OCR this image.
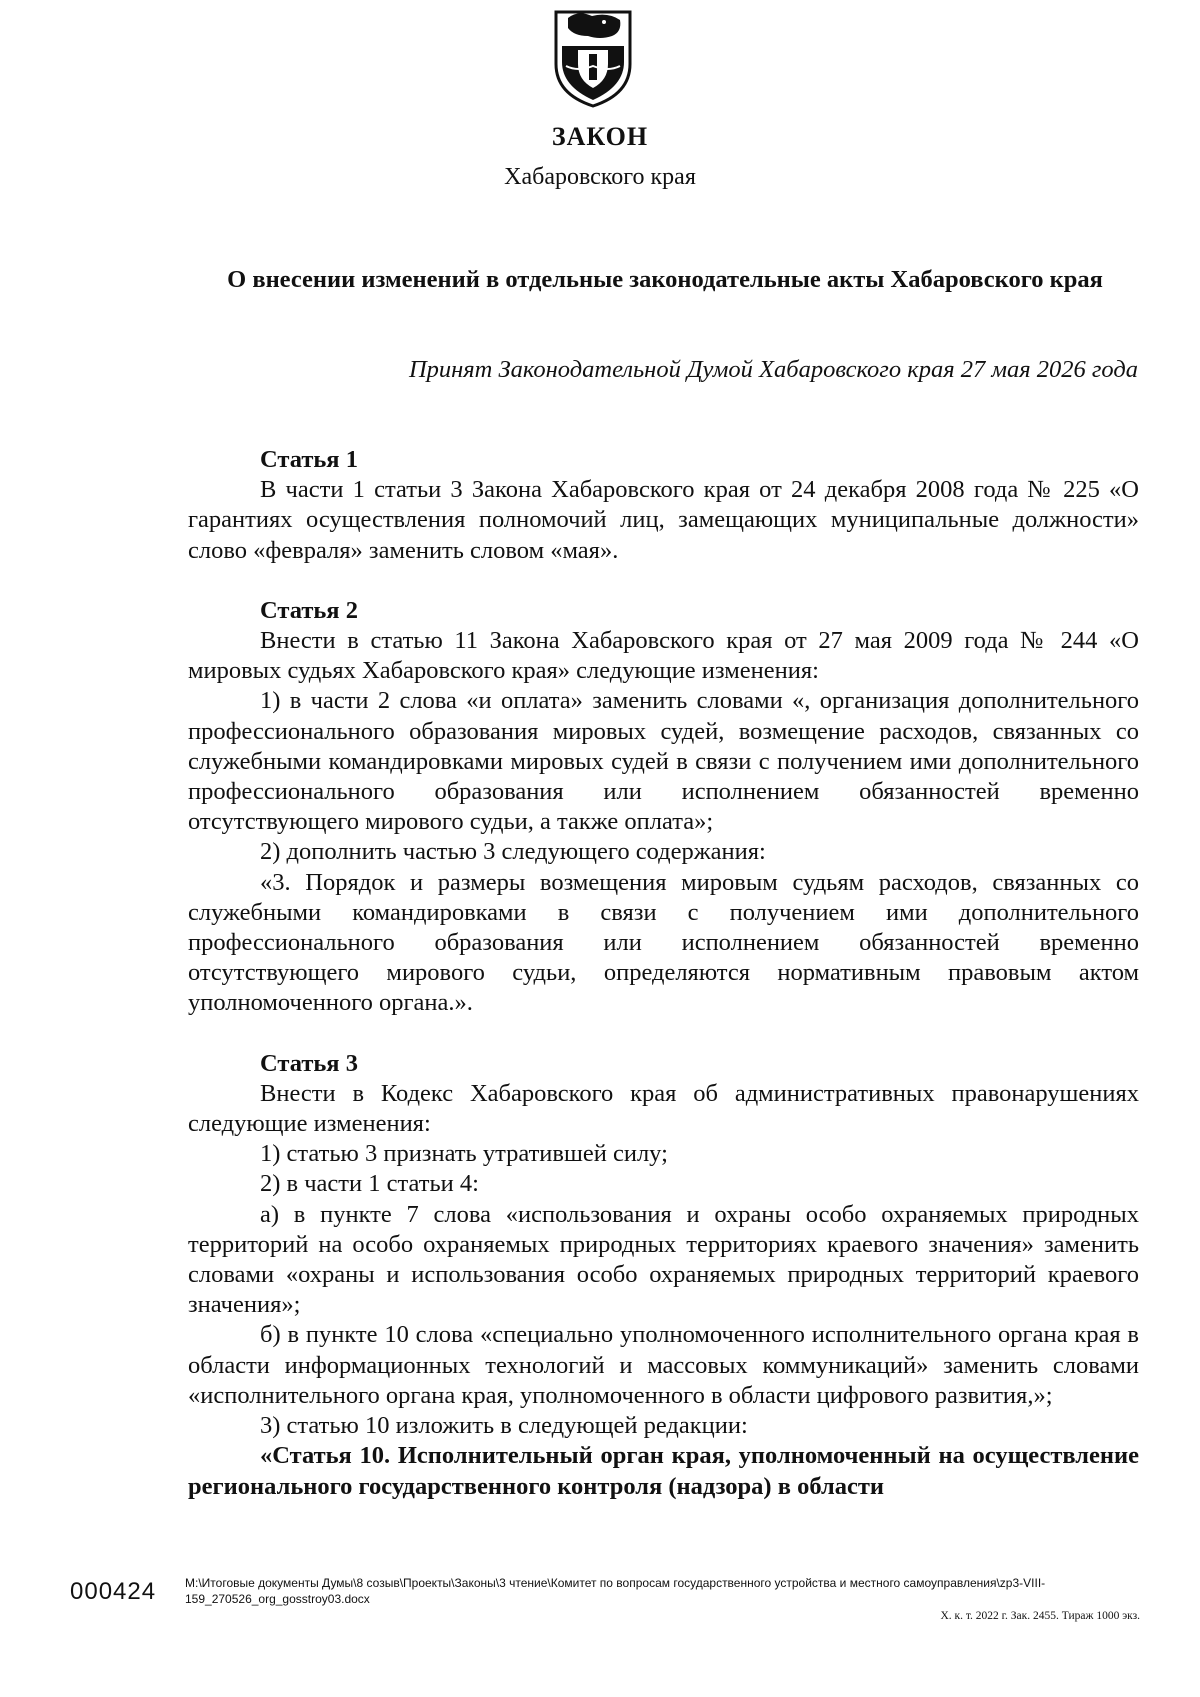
ЗАКОН
Хабаровского края
О внесении изменений в отдельные законодательные акты Хабаровского края
Принят Законодательной Думой Хабаровского края 27 мая 2026 года
Статья 1

В части 1 статьи 3 Закона Хабаровского края от 24 декабря 2008 года № 225 «О гарантиях осуществления полномочий лиц, замещающих муниципальные должности» слово «февраля» заменить словом «мая».

Статья 2

Внести в статью 11 Закона Хабаровского края от 27 мая 2009 года № 244 «О мировых судьях Хабаровского края» следующие изменения:

1) в части 2 слова «и оплата» заменить словами «, организация дополнительного профессионального образования мировых судей, возмещение расходов, связанных со служебными командировками мировых судей в связи с получением ими дополнительного профессионального образования или исполнением обязанностей временно отсутствующего мирового судьи, а также оплата»;

2) дополнить частью 3 следующего содержания:

«3. Порядок и размеры возмещения мировым судьям расходов, связанных со служебными командировками в связи с получением ими дополнительного профессионального образования или исполнением обязанностей временно отсутствующего мирового судьи, определяются нормативным правовым актом уполномоченного органа.».

Статья 3

Внести в Кодекс Хабаровского края об административных правонарушениях следующие изменения:

1) статью 3 признать утратившей силу;

2) в части 1 статьи 4:

а) в пункте 7 слова «использования и охраны особо охраняемых природных территорий на особо охраняемых природных территориях краевого значения» заменить словами «охраны и использования особо охраняемых природных территорий краевого значения»;

б) в пункте 10 слова «специально уполномоченного исполнительного органа края в области информационных технологий и массовых коммуникаций» заменить словами «исполнительного органа края, уполномоченного в области цифрового развития,»;

3) статью 10 изложить в следующей редакции:

«Статья 10. Исполнительный орган края, уполномоченный на осуществление регионального государственного контроля (надзора) в области

000424 M:\Итоговые документы Думы\8 созыв\Проекты\Законы\3 чтение\Комитет по вопросам государственного устройства и местного самоуправления\zp3-VIII-159_270526_org_gosstroy03.docx
Х. к. т. 2022 г. Зак. 2455. Тираж 1000 экз.
